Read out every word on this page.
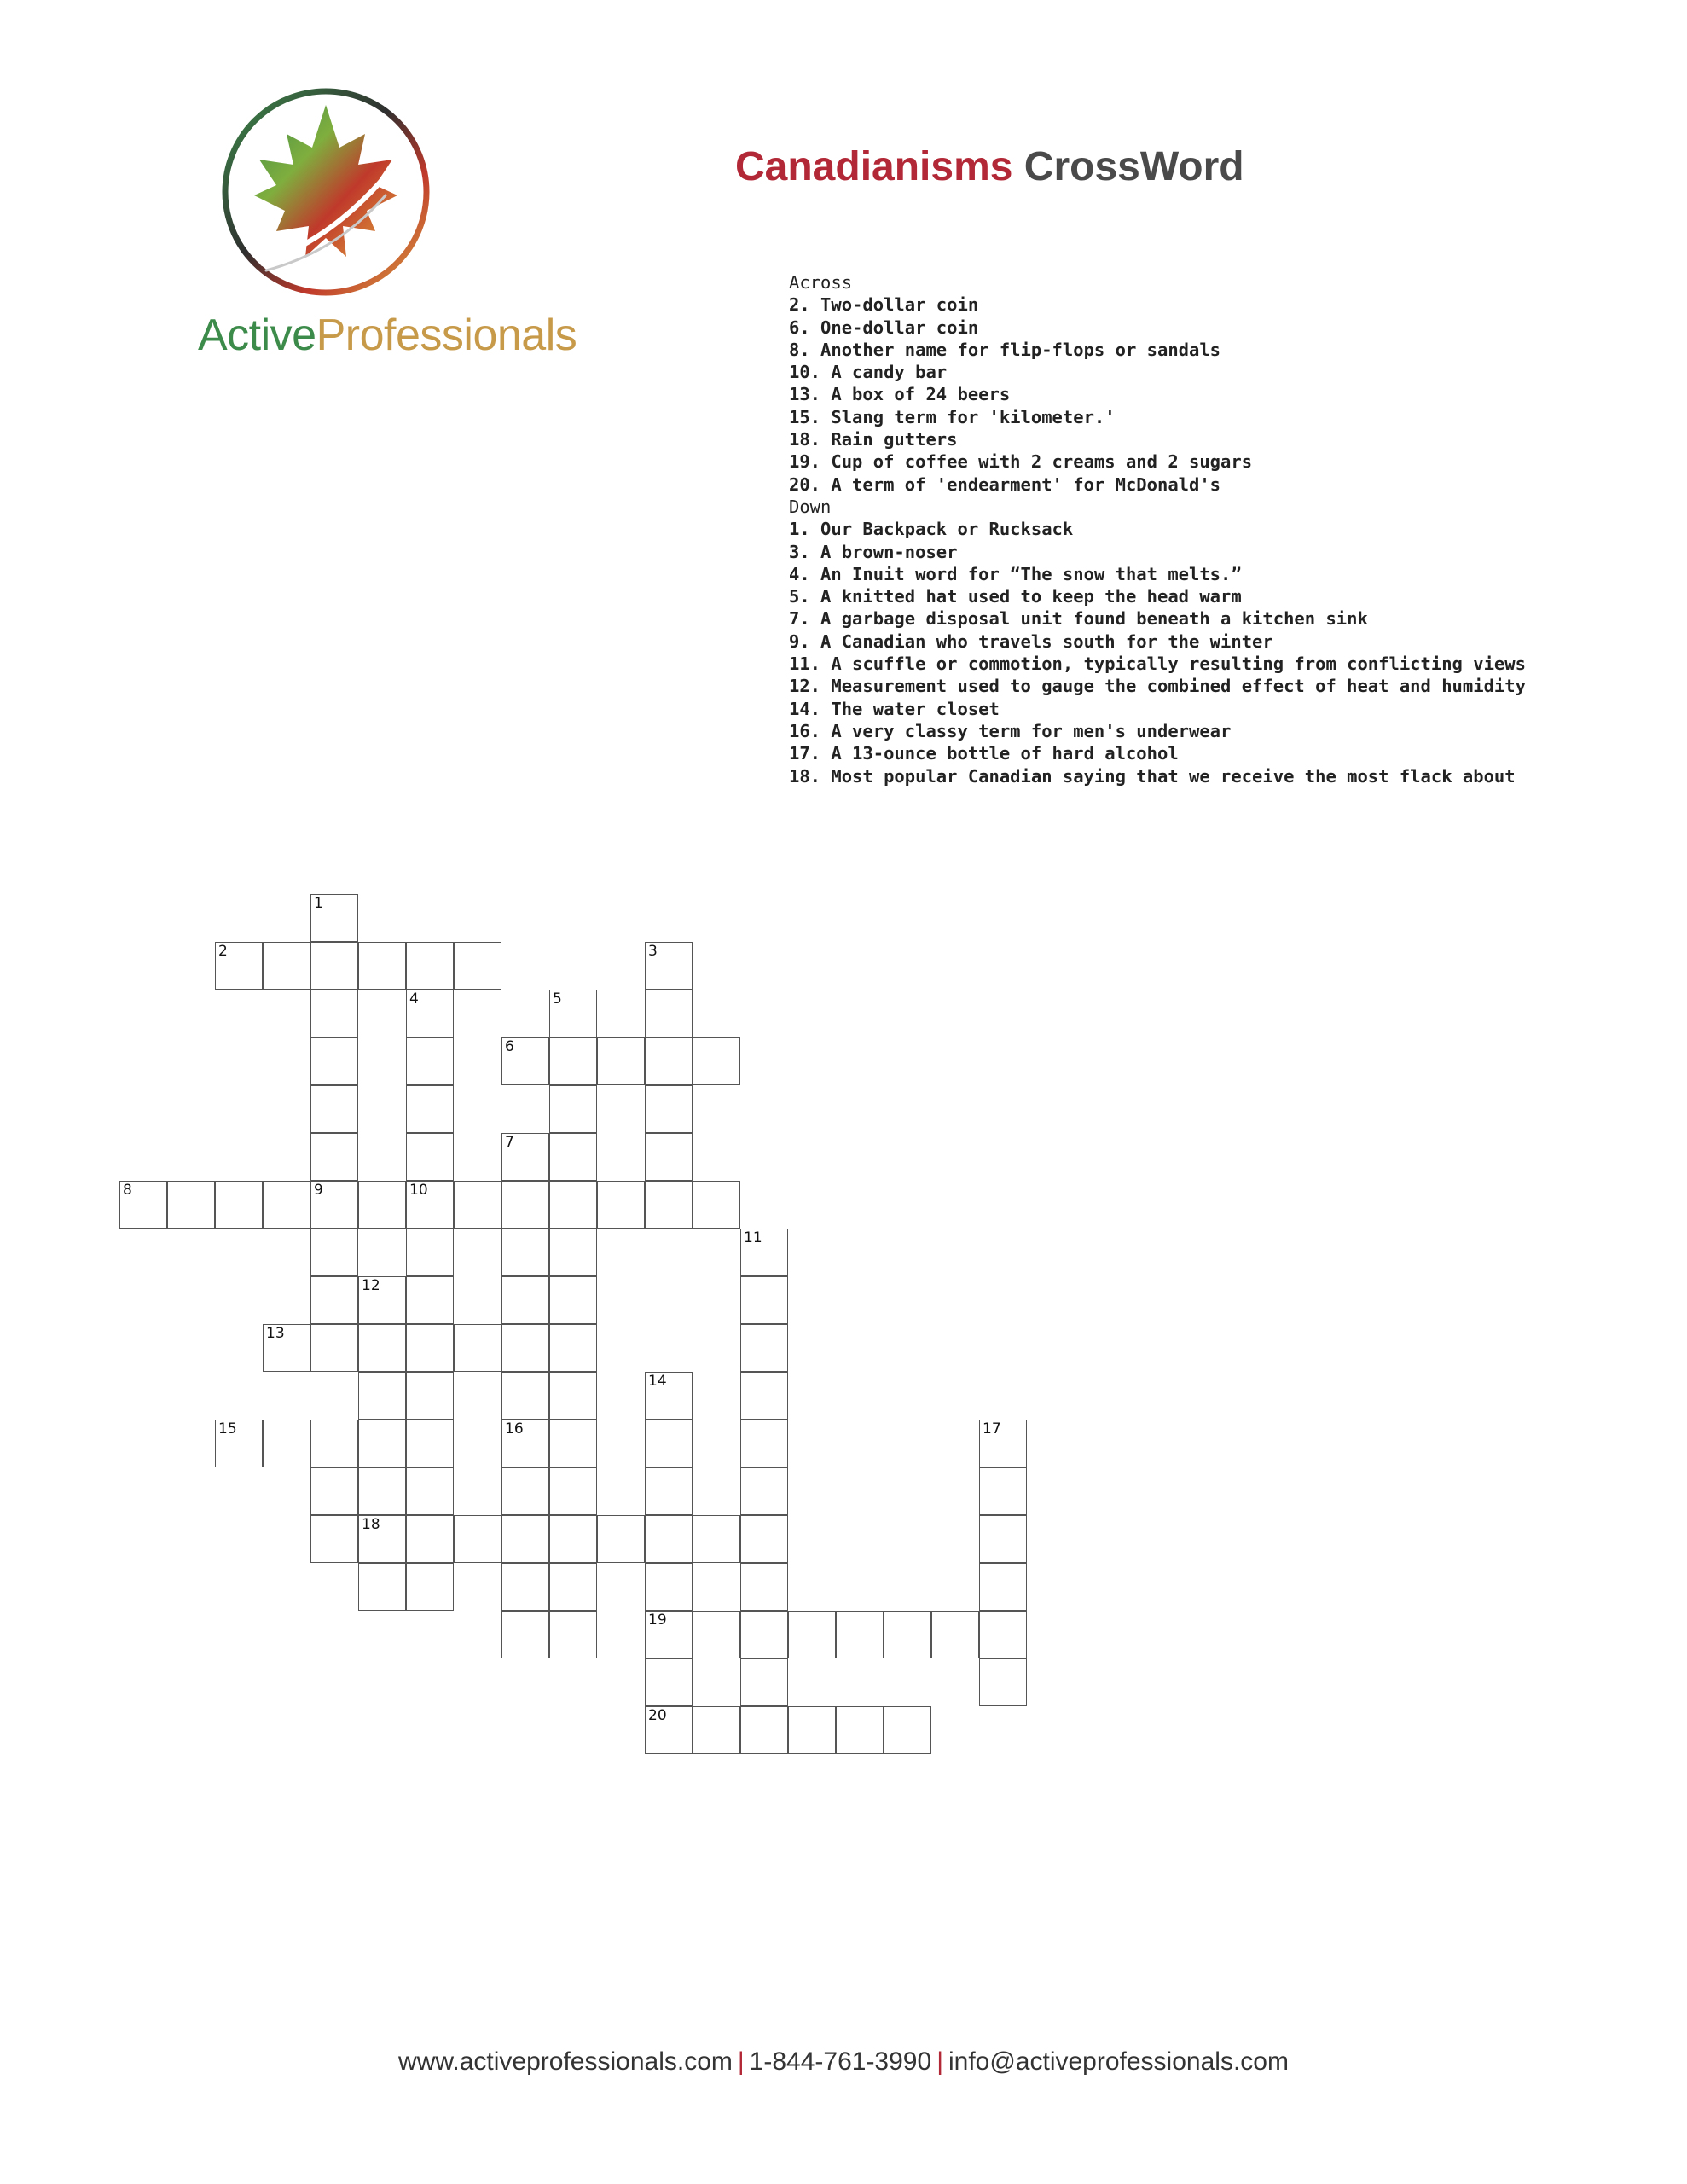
ActiveProfessionals
Canadianisms CrossWord
Across
2. Two-dollar coin
6. One-dollar coin
8. Another name for flip-flops or sandals
10. A candy bar
13. A box of 24 beers
15. Slang term for 'kilometer.'
18. Rain gutters
19. Cup of coffee with 2 creams and 2 sugars
20. A term of 'endearment' for McDonald's
Down
1. Our Backpack or Rucksack
3. A brown-noser
4. An Inuit word for “The snow that melts.”
5. A knitted hat used to keep the head warm
7. A garbage disposal unit found beneath a kitchen sink
9. A Canadian who travels south for the winter
11. A scuffle or commotion, typically resulting from conflicting views
12. Measurement used to gauge the combined effect of heat and humidity
14. The water closet
16. A very classy term for men's underwear
17. A 13-ounce bottle of hard alcohol
18. Most popular Canadian saying that we receive the most flack about
1
2	3
4	5
6
7
8	9	10
11
12
13
14
15	16	17
18
19
20
www.activeprofessionals.com | 1-844-761-3990 | info@activeprofessionals.com
